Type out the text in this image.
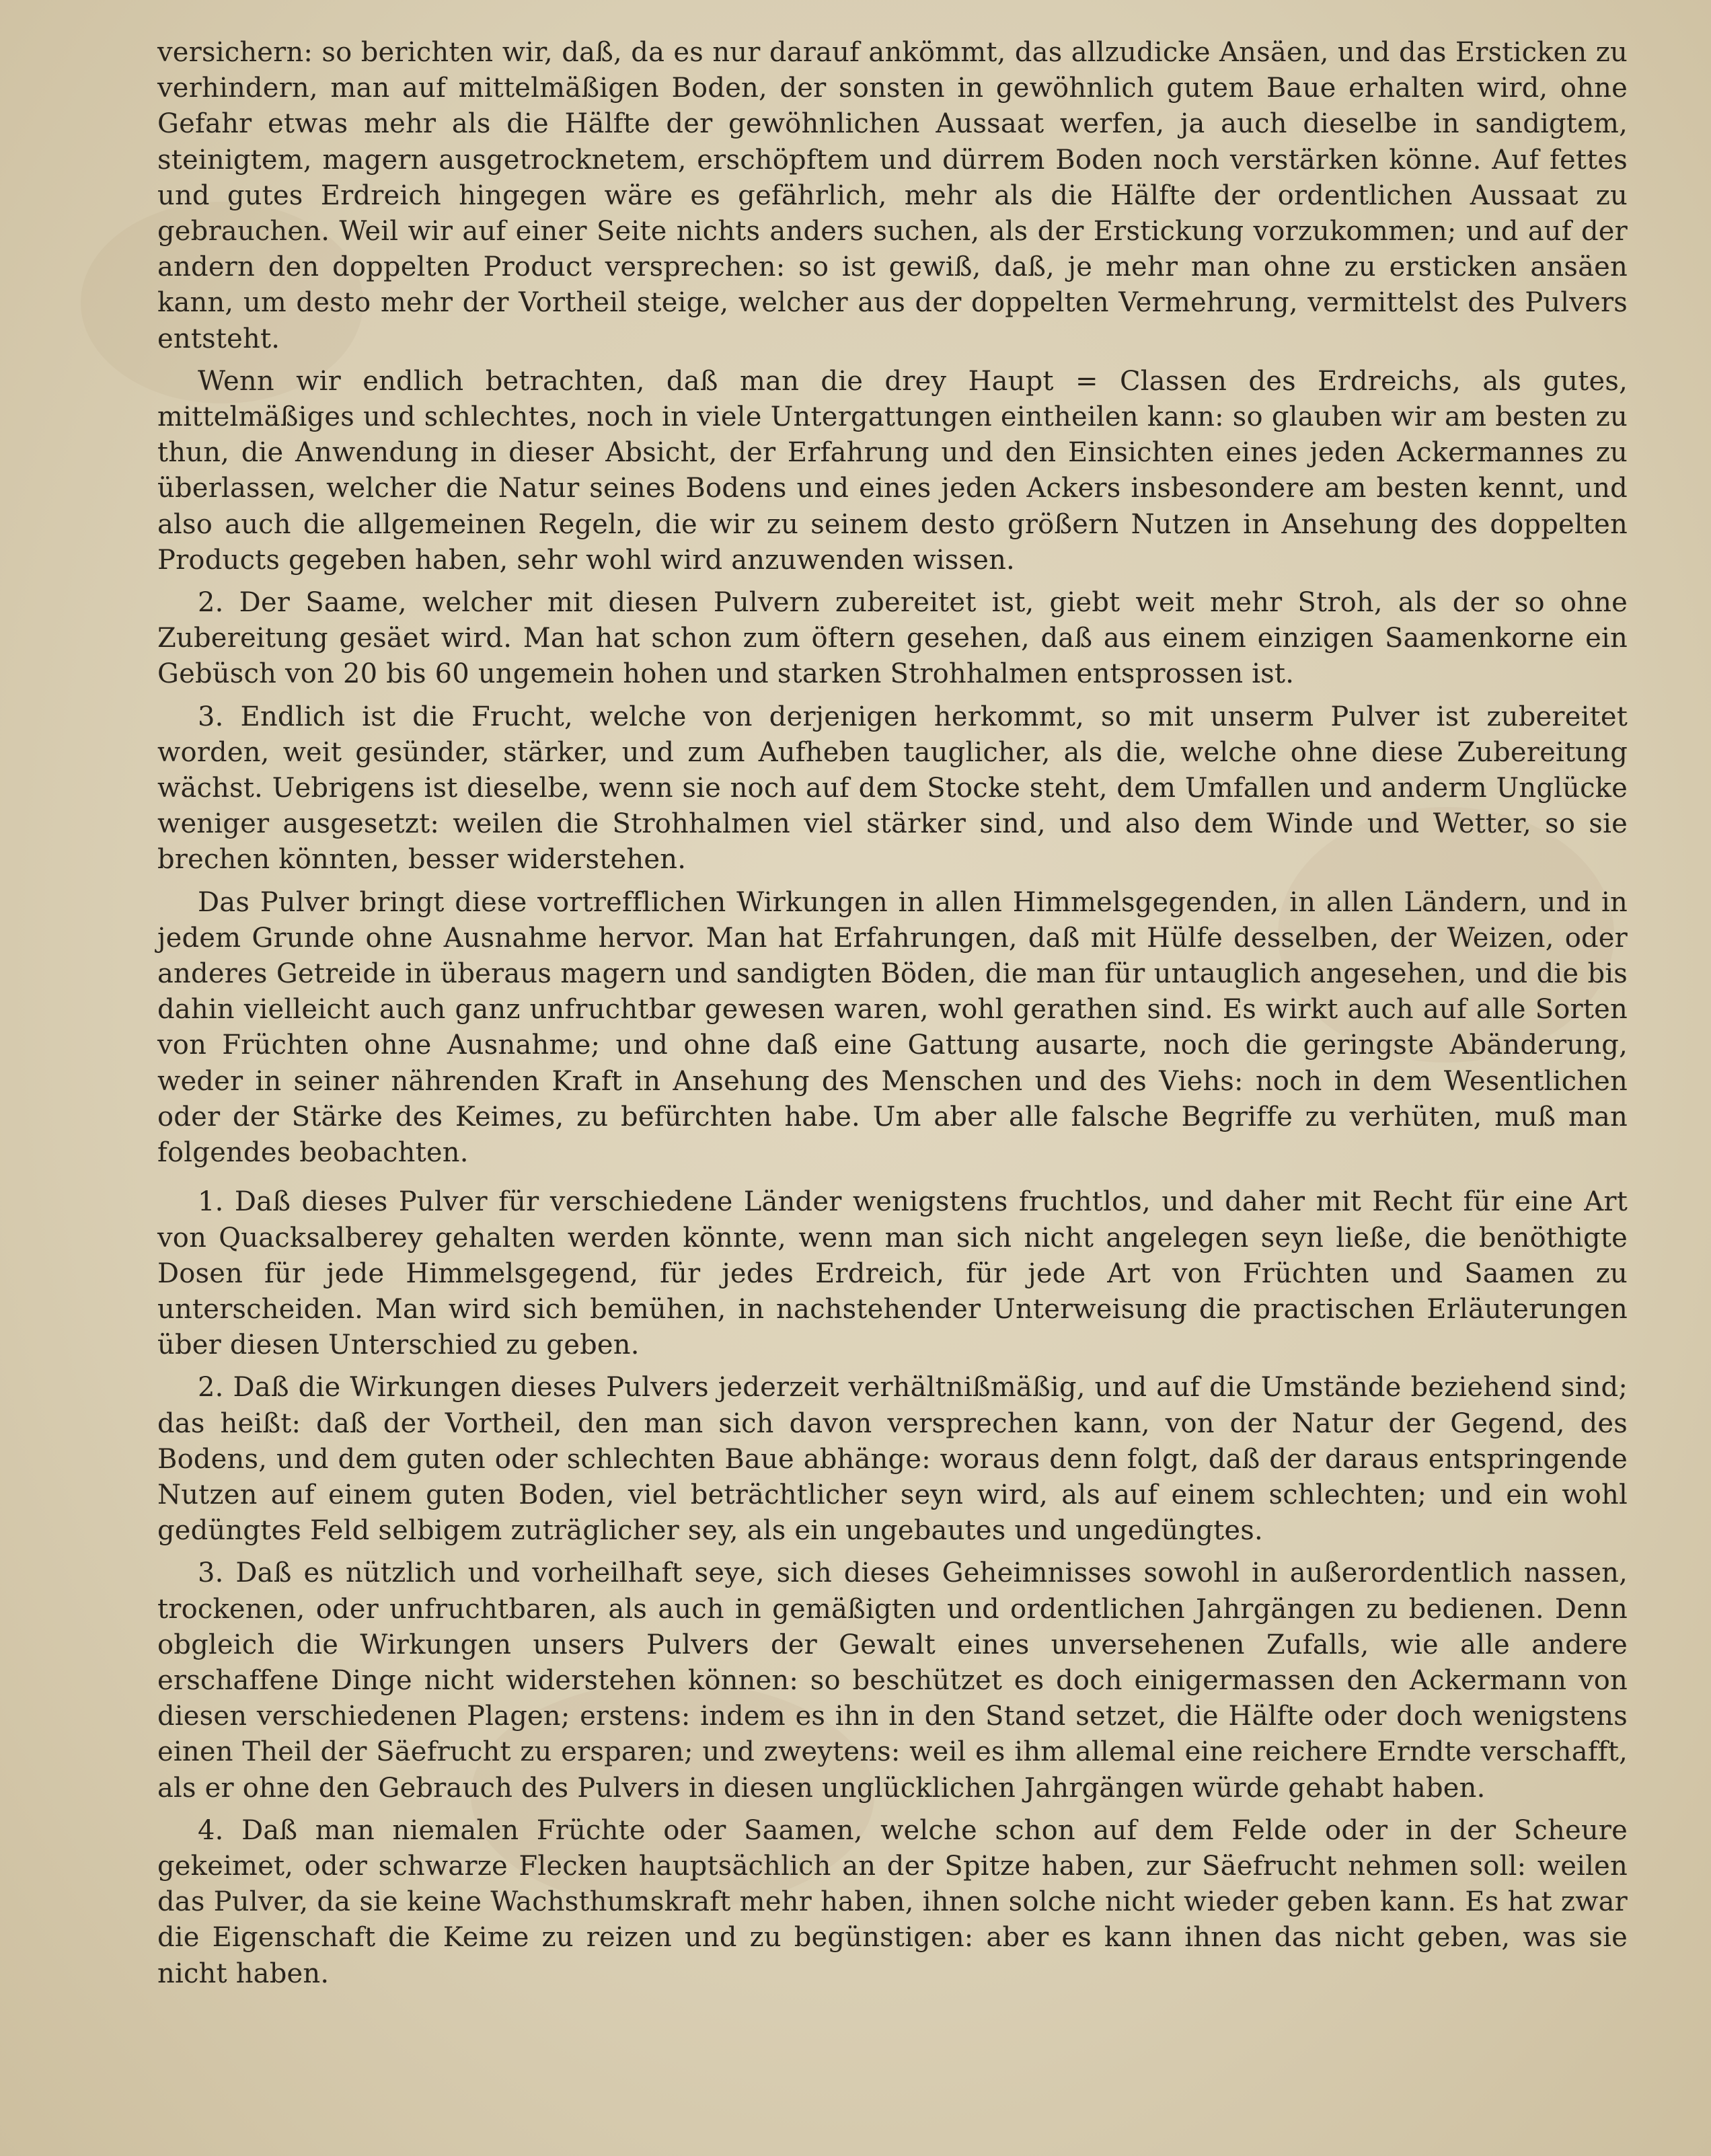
versichern: so berichten wir, daß, da es nur darauf ankömmt, das allzudicke Ansäen, und das Ersticken zu verhindern, man auf mittelmäßigen Boden, der sonsten in gewöhnlich gutem Baue erhalten wird, ohne Gefahr etwas mehr als die Hälfte der gewöhnlichen Aussaat werfen, ja auch dieselbe in sandigtem, steinigtem, magern ausgetrocknetem, erschöpftem und dürrem Boden noch verstärken könne. Auf fettes und gutes Erdreich hingegen wäre es gefährlich, mehr als die Hälfte der ordentlichen Aussaat zu gebrauchen. Weil wir auf einer Seite nichts anders suchen, als der Erstickung vorzukommen; und auf der andern den doppelten Product versprechen: so ist gewiß, daß, je mehr man ohne zu ersticken ansäen kann, um desto mehr der Vortheil steige, welcher aus der doppelten Vermehrung, vermittelst des Pulvers entsteht.

Wenn wir endlich betrachten, daß man die drey Haupt = Classen des Erdreichs, als gutes, mittelmäßiges und schlechtes, noch in viele Untergattungen eintheilen kann: so glauben wir am besten zu thun, die Anwendung in dieser Absicht, der Erfahrung und den Einsichten eines jeden Ackermannes zu überlassen, welcher die Natur seines Bodens und eines jeden Ackers insbesondere am besten kennt, und also auch die allgemeinen Regeln, die wir zu seinem desto größern Nutzen in Ansehung des doppelten Products gegeben haben, sehr wohl wird anzuwenden wissen.

2. Der Saame, welcher mit diesen Pulvern zubereitet ist, giebt weit mehr Stroh, als der so ohne Zubereitung gesäet wird. Man hat schon zum öftern gesehen, daß aus einem einzigen Saamenkorne ein Gebüsch von 20 bis 60 ungemein hohen und starken Strohhalmen entsprossen ist.

3. Endlich ist die Frucht, welche von derjenigen herkommt, so mit unserm Pulver ist zubereitet worden, weit gesünder, stärker, und zum Aufheben tauglicher, als die, welche ohne diese Zubereitung wächst. Uebrigens ist dieselbe, wenn sie noch auf dem Stocke steht, dem Umfallen und anderm Unglücke weniger ausgesetzt: weilen die Strohhalmen viel stärker sind, und also dem Winde und Wetter, so sie brechen könnten, besser widerstehen.

Das Pulver bringt diese vortrefflichen Wirkungen in allen Himmelsgegenden, in allen Ländern, und in jedem Grunde ohne Ausnahme hervor. Man hat Erfahrungen, daß mit Hülfe desselben, der Weizen, oder anderes Getreide in überaus magern und sandigten Böden, die man für untauglich angesehen, und die bis dahin vielleicht auch ganz unfruchtbar gewesen waren, wohl gerathen sind. Es wirkt auch auf alle Sorten von Früchten ohne Ausnahme; und ohne daß eine Gattung ausarte, noch die geringste Abänderung, weder in seiner nährenden Kraft in Ansehung des Menschen und des Viehs: noch in dem Wesentlichen oder der Stärke des Keimes, zu befürchten habe. Um aber alle falsche Begriffe zu verhüten, muß man folgendes beobachten.

1. Daß dieses Pulver für verschiedene Länder wenigstens fruchtlos, und daher mit Recht für eine Art von Quacksalberey gehalten werden könnte, wenn man sich nicht angelegen seyn ließe, die benöthigte Dosen für jede Himmelsgegend, für jedes Erdreich, für jede Art von Früchten und Saamen zu unterscheiden. Man wird sich bemühen, in nachstehender Unterweisung die practischen Erläuterungen über diesen Unterschied zu geben.

2. Daß die Wirkungen dieses Pulvers jederzeit verhältnißmäßig, und auf die Umstände beziehend sind; das heißt: daß der Vortheil, den man sich davon versprechen kann, von der Natur der Gegend, des Bodens, und dem guten oder schlechten Baue abhänge: woraus denn folgt, daß der daraus entspringende Nutzen auf einem guten Boden, viel beträchtlicher seyn wird, als auf einem schlechten; und ein wohl gedüngtes Feld selbigem zuträglicher sey, als ein ungebautes und ungedüngtes.

3. Daß es nützlich und vorheilhaft seye, sich dieses Geheimnisses sowohl in außerordentlich nassen, trockenen, oder unfruchtbaren, als auch in gemäßigten und ordentlichen Jahrgängen zu bedienen. Denn obgleich die Wirkungen unsers Pulvers der Gewalt eines unversehenen Zufalls, wie alle andere erschaffene Dinge nicht widerstehen können: so beschützet es doch einigermassen den Ackermann von diesen verschiedenen Plagen; erstens: indem es ihn in den Stand setzet, die Hälfte oder doch wenigstens einen Theil der Säefrucht zu ersparen; und zweytens: weil es ihm allemal eine reichere Erndte verschafft, als er ohne den Gebrauch des Pulvers in diesen unglücklichen Jahrgängen würde gehabt haben.

4. Daß man niemalen Früchte oder Saamen, welche schon auf dem Felde oder in der Scheure gekeimet, oder schwarze Flecken hauptsächlich an der Spitze haben, zur Säefrucht nehmen soll: weilen das Pulver, da sie keine Wachsthumskraft mehr haben, ihnen solche nicht wieder geben kann. Es hat zwar die Eigenschaft die Keime zu reizen und zu begünstigen: aber es kann ihnen das nicht geben, was sie nicht haben.
